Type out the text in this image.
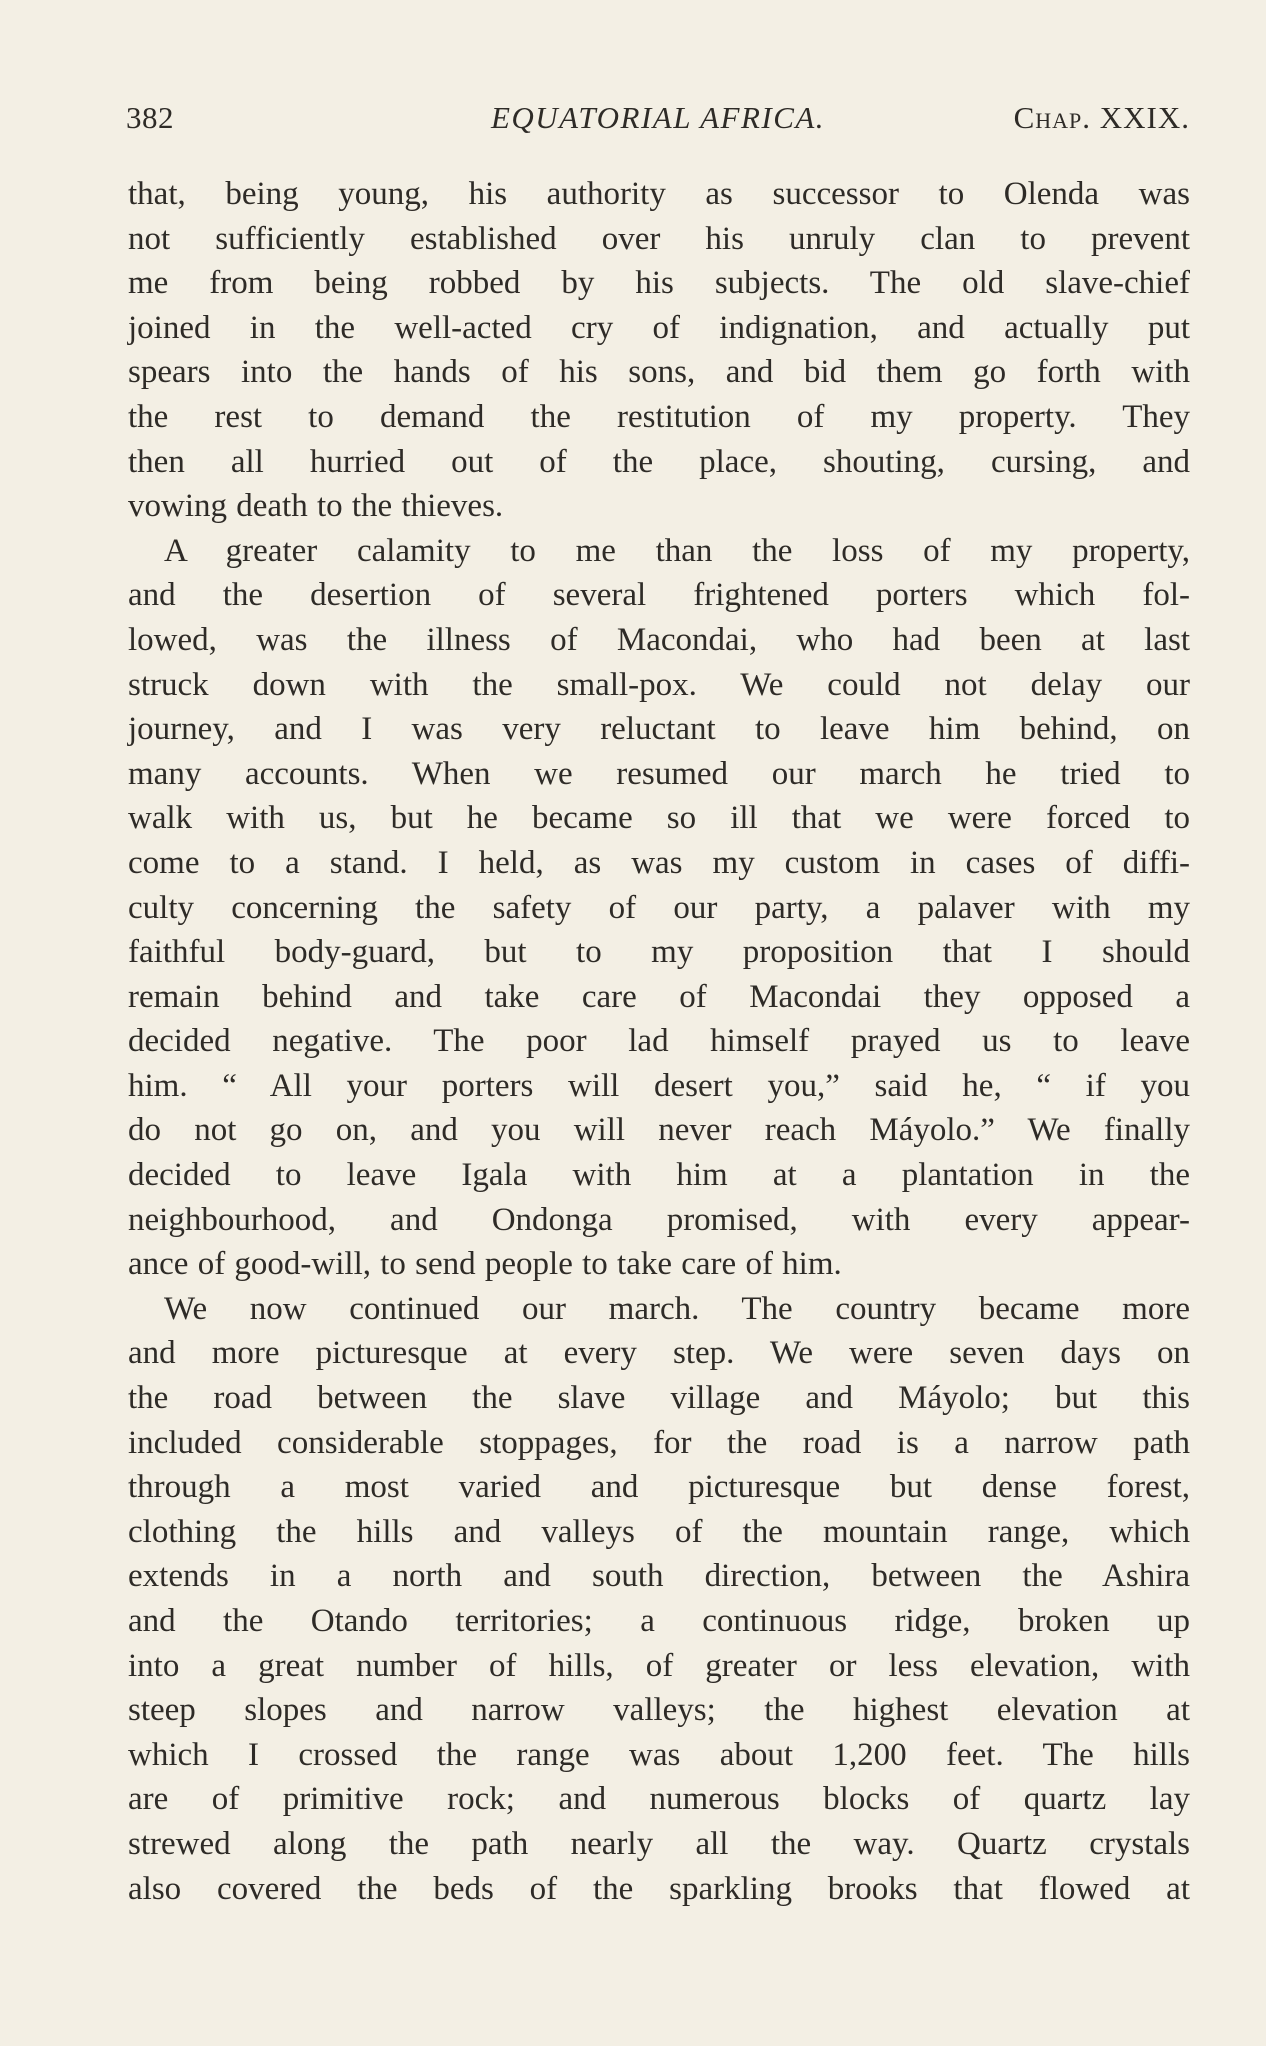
382	EQUATORIAL AFRICA.	Chap. XXIX.
that, being young, his authority as successor to Olenda was
not sufficiently established over his unruly clan to prevent
me from being robbed by his subjects. The old slave-chief
joined in the well-acted cry of indignation, and actually put
spears into the hands of his sons, and bid them go forth with
the rest to demand the restitution of my property. They
then all hurried out of the place, shouting, cursing, and
vowing death to the thieves.
A greater calamity to me than the loss of my property,
and the desertion of several frightened porters which fol-
lowed, was the illness of Macondai, who had been at last
struck down with the small-pox. We could not delay our
journey, and I was very reluctant to leave him behind, on
many accounts. When we resumed our march he tried to
walk with us, but he became so ill that we were forced to
come to a stand. I held, as was my custom in cases of diffi-
culty concerning the safety of our party, a palaver with my
faithful body-guard, but to my proposition that I should
remain behind and take care of Macondai they opposed a
decided negative. The poor lad himself prayed us to leave
him. “ All your porters will desert you,” said he, “ if you
do not go on, and you will never reach Máyolo.” We finally
decided to leave Igala with him at a plantation in the
neighbourhood, and Ondonga promised, with every appear-
ance of good-will, to send people to take care of him.
We now continued our march. The country became more
and more picturesque at every step. We were seven days on
the road between the slave village and Máyolo; but this
included considerable stoppages, for the road is a narrow path
through a most varied and picturesque but dense forest,
clothing the hills and valleys of the mountain range, which
extends in a north and south direction, between the Ashira
and the Otando territories; a continuous ridge, broken up
into a great number of hills, of greater or less elevation, with
steep slopes and narrow valleys; the highest elevation at
which I crossed the range was about 1,200 feet. The hills
are of primitive rock; and numerous blocks of quartz lay
strewed along the path nearly all the way. Quartz crystals
also covered the beds of the sparkling brooks that flowed at
